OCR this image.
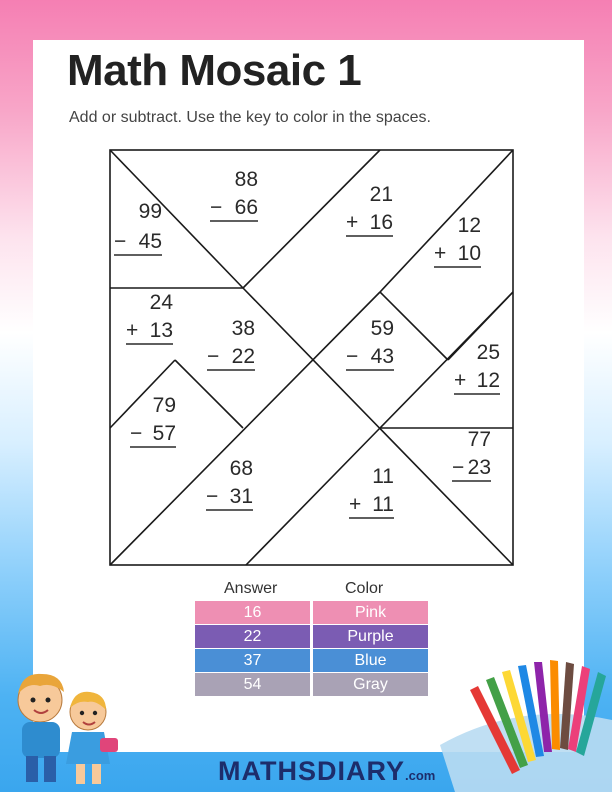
Math Mosaic 1
Add or subtract. Use the key to color in the spaces.
99
− 45
88
− 66
21
+ 16	12
+ 10
24
+ 13	38
− 22
59
− 43	25
+ 12
79
− 57
68
− 31
11
+ 11
77
− 23
Answer	Color
16	Pink
22	Purple
37	Blue
54	Gray
MATHSDIARY.com
